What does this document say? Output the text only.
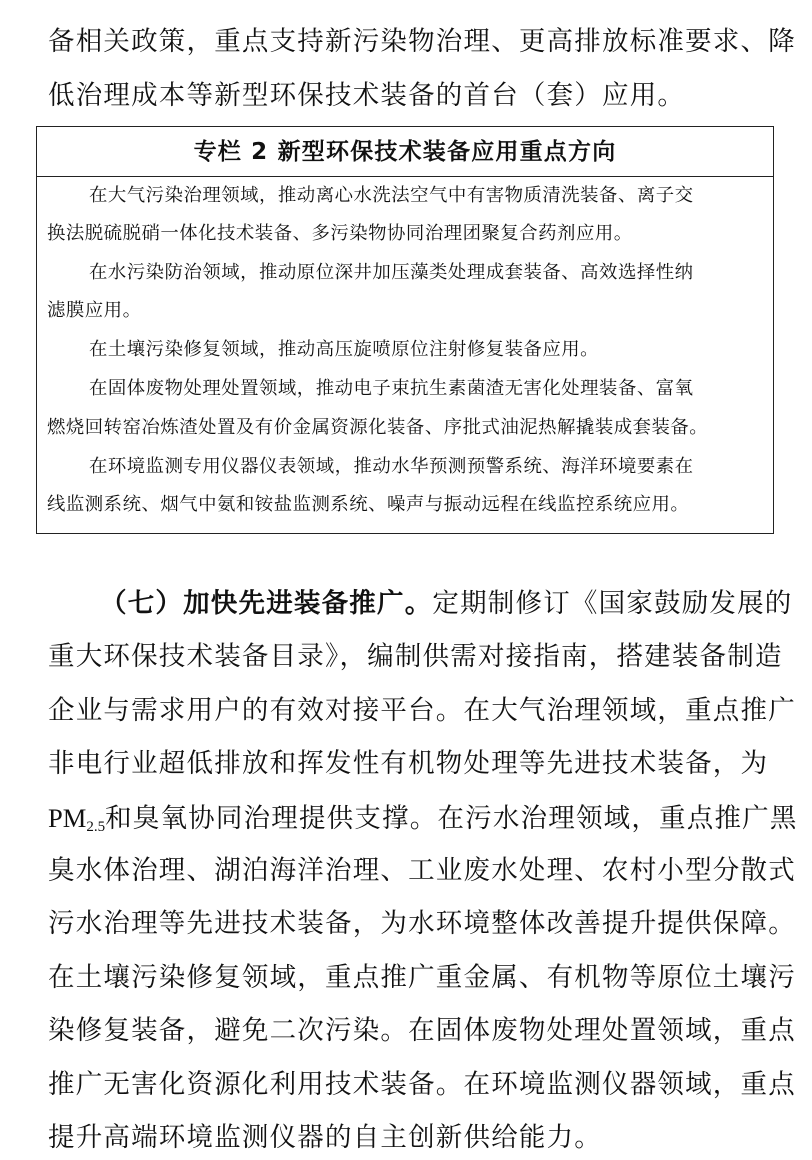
备相关政策，重点支持新污染物治理、更高排放标准要求、降
低治理成本等新型环保技术装备的首台（套）应用。
专栏 2 新型环保技术装备应用重点方向
在大气污染治理领域，推动离心水洗法空气中有害物质清洗装备、离子交
换法脱硫脱硝一体化技术装备、多污染物协同治理团聚复合药剂应用。
在水污染防治领域，推动原位深井加压藻类处理成套装备、高效选择性纳
滤膜应用。
在土壤污染修复领域，推动高压旋喷原位注射修复装备应用。
在固体废物处理处置领域，推动电子束抗生素菌渣无害化处理装备、富氧
燃烧回转窑冶炼渣处置及有价金属资源化装备、序批式油泥热解撬装成套装备。
在环境监测专用仪器仪表领域，推动水华预测预警系统、海洋环境要素在
线监测系统、烟气中氨和铵盐监测系统、噪声与振动远程在线监控系统应用。
（七）加快先进装备推广。定期制修订《国家鼓励发展的
重大环保技术装备目录》，编制供需对接指南，搭建装备制造
企业与需求用户的有效对接平台。在大气治理领域，重点推广
非电行业超低排放和挥发性有机物处理等先进技术装备，为
PM2.5和臭氧协同治理提供支撑。在污水治理领域，重点推广黑
臭水体治理、湖泊海洋治理、工业废水处理、农村小型分散式
污水治理等先进技术装备，为水环境整体改善提升提供保障。
在土壤污染修复领域，重点推广重金属、有机物等原位土壤污
染修复装备，避免二次污染。在固体废物处理处置领域，重点
推广无害化资源化利用技术装备。在环境监测仪器领域，重点
提升高端环境监测仪器的自主创新供给能力。
